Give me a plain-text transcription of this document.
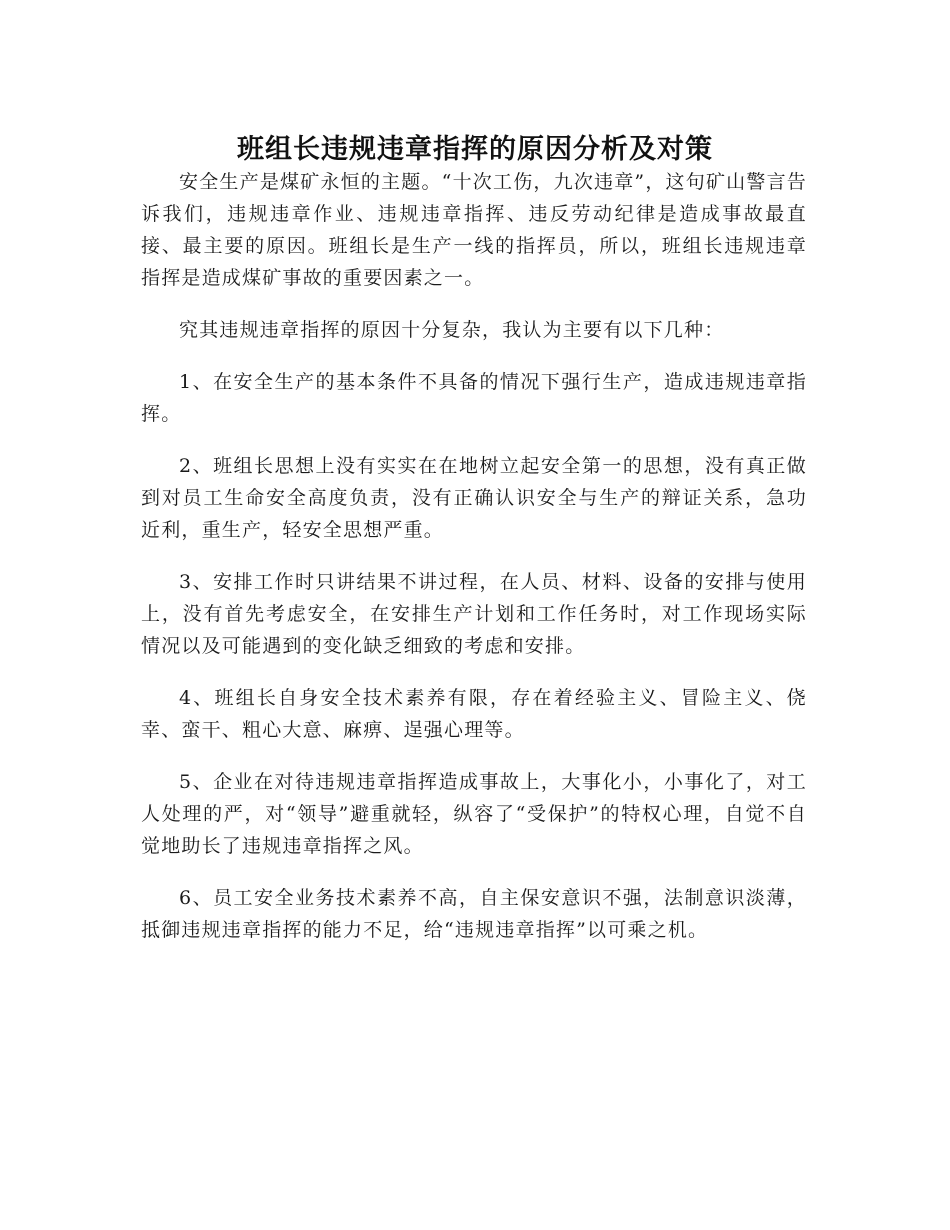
班组长违规违章指挥的原因分析及对策

安全生产是煤矿永恒的主题。“十次工伤，九次违章”，这句矿山警言告诉我们，违规违章作业、违规违章指挥、违反劳动纪律是造成事故最直接、最主要的原因。班组长是生产一线的指挥员，所以，班组长违规违章指挥是造成煤矿事故的重要因素之一。

究其违规违章指挥的原因十分复杂，我认为主要有以下几种：

1、在安全生产的基本条件不具备的情况下强行生产，造成违规违章指挥。

2、班组长思想上没有实实在在地树立起安全第一的思想，没有真正做到对员工生命安全高度负责，没有正确认识安全与生产的辩证关系，急功近利，重生产，轻安全思想严重。

3、安排工作时只讲结果不讲过程，在人员、材料、设备的安排与使用上，没有首先考虑安全，在安排生产计划和工作任务时，对工作现场实际情况以及可能遇到的变化缺乏细致的考虑和安排。

4、班组长自身安全技术素养有限，存在着经验主义、冒险主义、侥幸、蛮干、粗心大意、麻痹、逞强心理等。

5、企业在对待违规违章指挥造成事故上，大事化小，小事化了，对工人处理的严，对“领导”避重就轻，纵容了“受保护”的特权心理，自觉不自觉地助长了违规违章指挥之风。

6、员工安全业务技术素养不高，自主保安意识不强，法制意识淡薄，抵御违规违章指挥的能力不足，给“违规违章指挥”以可乘之机。
